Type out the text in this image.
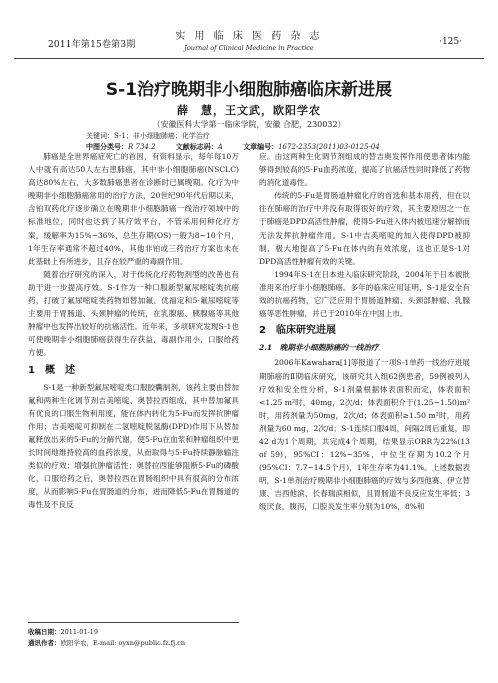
2011年第15卷第3期
实 用 临 床 医 药 杂 志
Journal of Clinical Medicine in Practice
·125·
S-1治疗晚期非小细胞肺癌临床新进展
薛　慧，王文武，欧阳学农
（安徽医科大学第一临床学院，安徽 合肥，230032）
关键词：S-1；非小细胞肺癌；化学治疗
中图分类号：R 734.2	文献标志码：A	文章编号：1672-2353(2011)03-0125-04

肺癌是全世界癌症死亡的首因，有资料显示，每年每10万人中就有高达50人左右患肺癌，其中非小细胞肺癌(NSCLC)高达80%左右，大多数肺癌患者在诊断时已属晚期。化疗为中晚期非小细胞肺癌常用的治疗方法，20世纪90年代后期以来，含铂双药化疗逐步确立在晚期非小细胞肺癌一线治疗领域中的标准地位，同时也达到了其疗效平台，不管采用何种化疗方案，缓解率为15%~36%，总生存期(OS)一般为8~10个月，1年生存率通常不超过40%，其他非铂或三药治疗方案也未在此基础上有所进步，且存在较严重的毒副作用。

随着治疗研究的深入，对于传统化疗药物剂型的改善也有助于进一步提高疗效。S-1作为一种口服新型氟尿嘧啶类抗癌药，打破了氟尿嘧啶类药物如替加氟、优福定和5-氟尿嘧啶等主要用于胃肠道、头颈肿瘤的传统，在乳腺癌、胰腺癌等其他肿瘤中也发挥出较好的抗癌活性。近年来，多项研究发现S-1也可使晚期非小细胞肺癌获得生存获益，毒副作用小，口服给药方便。

1　概　述

S-1是一种新型氟尿嘧啶类口服胶囊制剂，该药主要由替加氟和两种生化调节剂吉美嘧啶、奥替拉西组成，其中替加氟具有优良的口服生物利用度，能在体内转化为5-Fu而发挥抗肿瘤作用；吉美嘧啶可抑制在二氢嘧啶脱氢酶(DPD)作用下从替加氟释放出来的5-Fu的分解代谢，使5-Fu在血浆和肿瘤组织中更长时间地维持较高的血药浓度，从而取得与5-Fu持续静脉输注类似的疗效；增强抗肿瘤活性；奥替拉西能够阻断5-Fu的磷酸化，口服给药之后，奥替拉西在胃肠组织中具有很高的分布浓度，从而影响5-Fu在胃肠道的分布，进而降低5-Fu在胃肠道的毒性及不良反

应。由这两种生化调节剂组成的替吉奥发挥作用使患者体内能够得到较高的5-Fu血药浓度，提高了抗癌活性同时降低了药物的消化道毒性。

传统的5-Fu是胃肠道肿瘤化疗的首选和基本用药，但在以往在肺癌的治疗中并没有取得很好的疗效，其主要原因之一在于肺癌是DPD高活性肿瘤，使得5-Fu进入体内被迅速分解掉而无法发挥抗肿瘤作用。S-1中吉美嘧啶的加入使得DPD被抑制，极大地提高了5-Fu在体内的有效浓度，这也正是S-1对DPD高活性肿瘤有效的关键。

1994年S-1在日本进入临床研究阶段，2004年于日本被批准用来治疗非小细胞肺癌。多年的临床应用证明，S-1是安全有效的抗癌药物，它广泛应用于胃肠道肿瘤、头颈部肿瘤、乳腺癌等恶性肿瘤，并已于2010年在中国上市。

2　临床研究进展
2.1　晚期非小细胞肺癌的一线治疗

2006年Kawahara[1]等报道了一项S-1单药一线治疗进展期肺癌的Ⅱ期临床研究，该研究共入组62例患者，59例被列入疗效和安全性分析，S-1剂量根据体表面积而定，体表面积<1.25 m²时，40mg，2次/d；体表面积介于(1.25~1.50)m²时，用药剂量为50mg，2次/d；体表面积≥1.50 m²时，用药剂量为60 mg，2次/d；S-1连续口服4周，间隔2周后重复，即42 d为1个周期，共完成4个周期，结果显示ORR为22%(13 of 59)，95%CI：12%~35%，中位生存期为10.2个月(95%CI：7.7~14.5个月)，1年生存率为41.1%。上述数据表明，S-1单剂治疗晚期非小细胞肺癌的疗效与多西他赛、伊立替康、吉西他滨、长春瑞滨相似，且胃肠道不良反应发生率低；3级厌食，腹泻，口腔炎发生率分别为10%，8%和

收稿日期：2011-01-19
通讯作者：欧阳学农，E-mail: oyxn@public.fz.fj.cn
